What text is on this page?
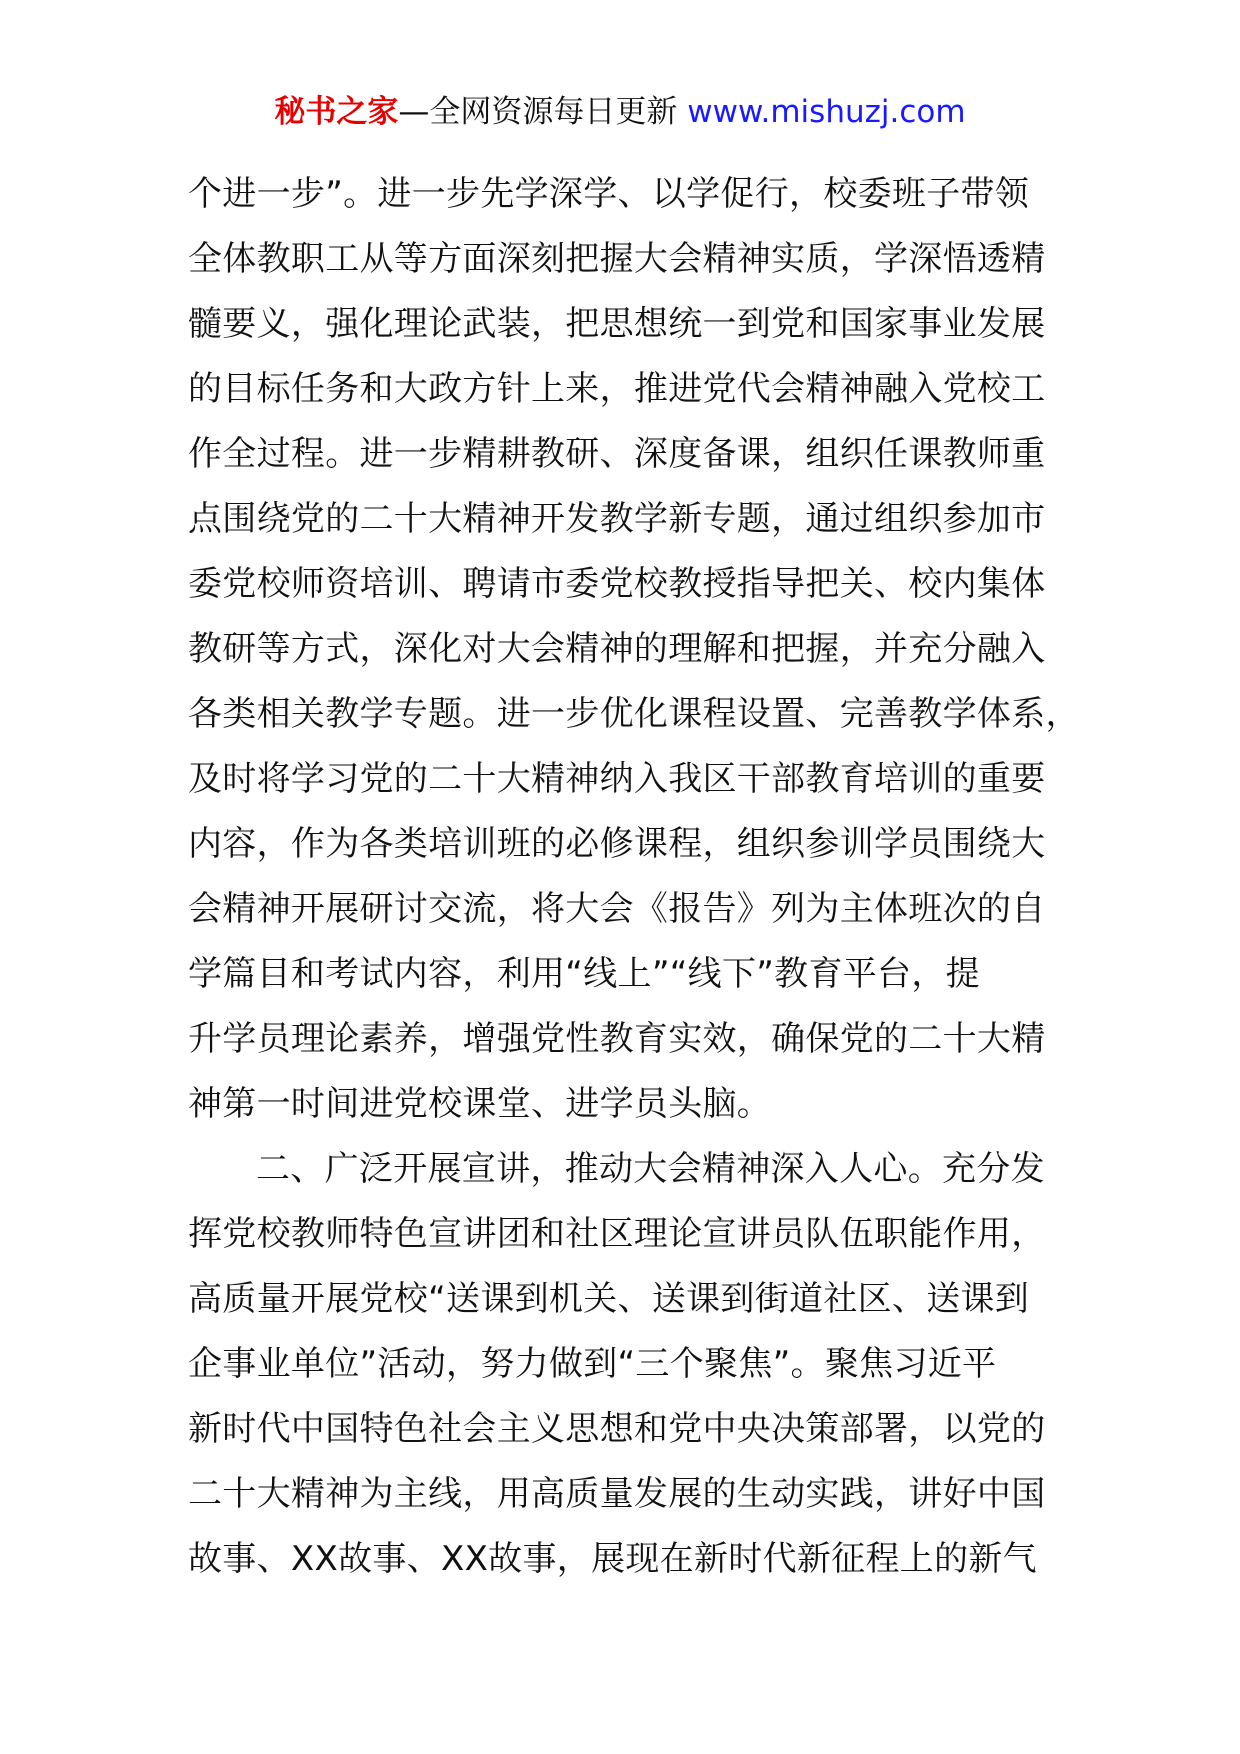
秘书之家—全网资源每日更新 www.mishuzj.com
个进一步”。进一步先学深学、以学促行，校委班子带领
全体教职工从等方面深刻把握大会精神实质，学深悟透精
髓要义，强化理论武装，把思想统一到党和国家事业发展
的目标任务和大政方针上来，推进党代会精神融入党校工
作全过程。进一步精耕教研、深度备课，组织任课教师重
点围绕党的二十大精神开发教学新专题，通过组织参加市
委党校师资培训、聘请市委党校教授指导把关、校内集体
教研等方式，深化对大会精神的理解和把握，并充分融入
各类相关教学专题。进一步优化课程设置、完善教学体系，
及时将学习党的二十大精神纳入我区干部教育培训的重要
内容，作为各类培训班的必修课程，组织参训学员围绕大
会精神开展研讨交流，将大会《报告》列为主体班次的自
学篇目和考试内容，利用“线上”“线下”教育平台，提
升学员理论素养，增强党性教育实效，确保党的二十大精
神第一时间进党校课堂、进学员头脑。
二、广泛开展宣讲，推动大会精神深入人心。充分发
挥党校教师特色宣讲团和社区理论宣讲员队伍职能作用，
高质量开展党校“送课到机关、送课到街道社区、送课到
企事业单位”活动，努力做到“三个聚焦”。聚焦习近平
新时代中国特色社会主义思想和党中央决策部署，以党的
二十大精神为主线，用高质量发展的生动实践，讲好中国
故事、XX故事、XX故事，展现在新时代新征程上的新气
